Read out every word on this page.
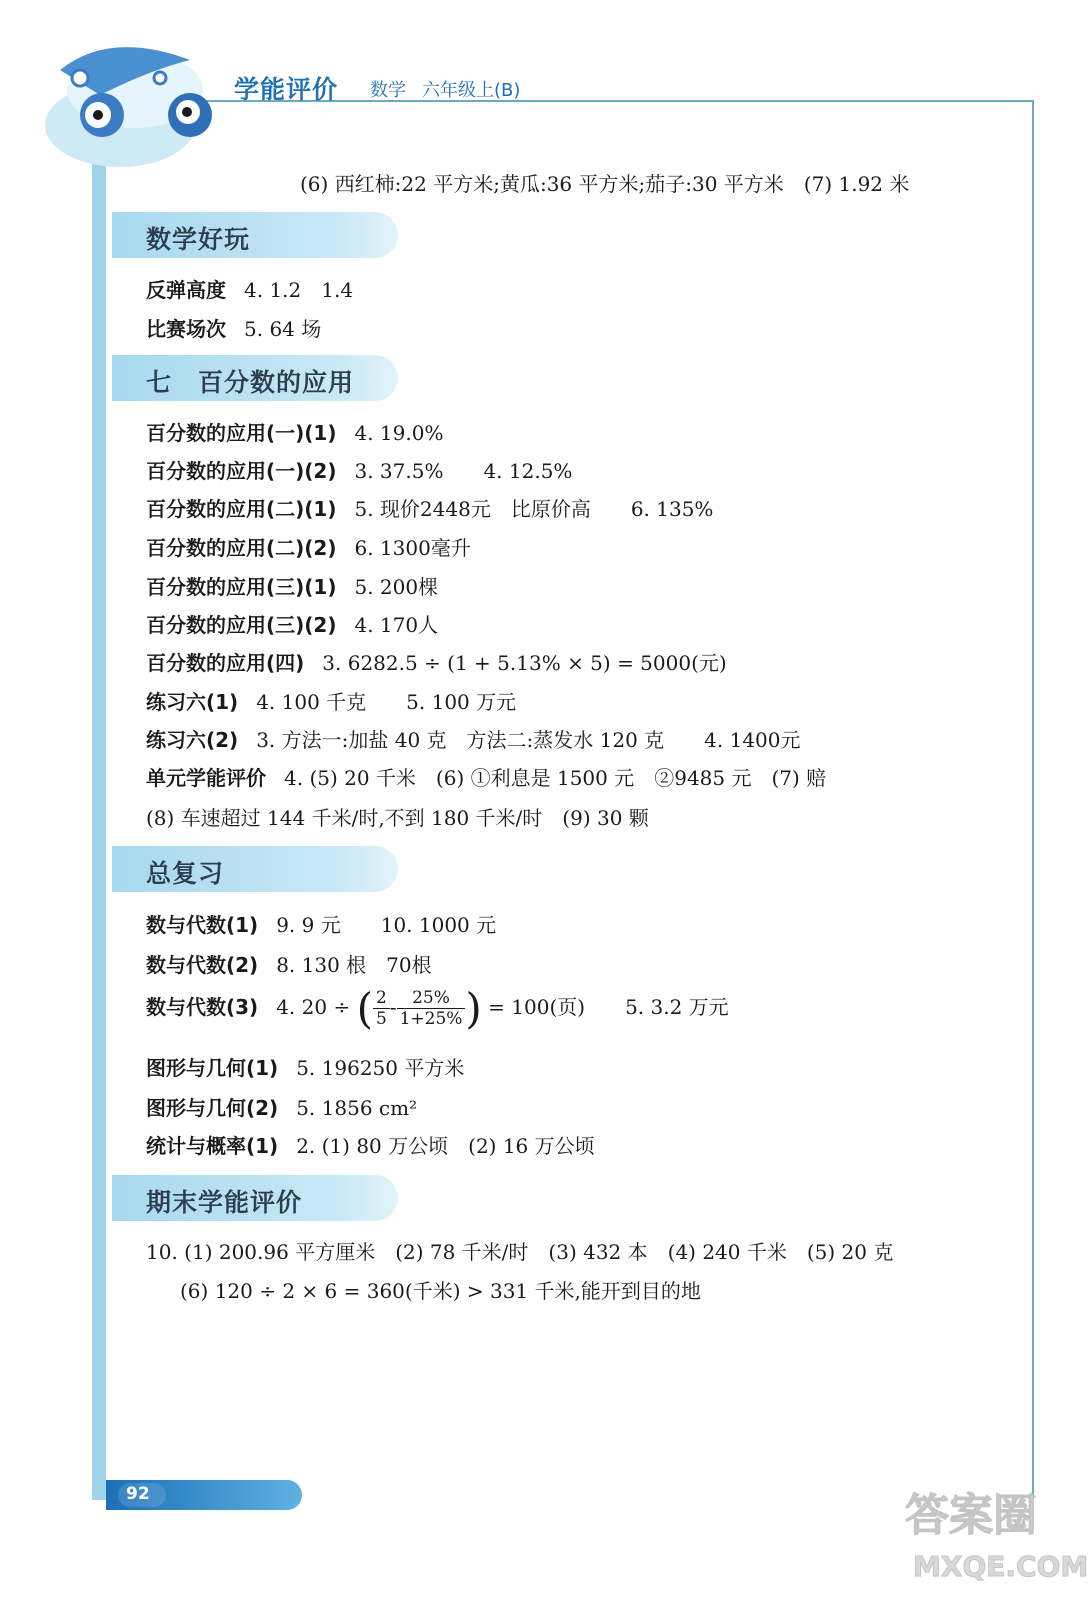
学能评价 数学 六年级上(B)
(6) 西红柿:22 平方米;黄瓜:36 平方米;茄子:30 平方米　(7) 1.92 米
数学好玩
反弹高度 4. 1.2　1.4
比赛场次 5. 64 场
七　百分数的应用
百分数的应用(一)(1) 4. 19.0%
百分数的应用(一)(2) 3. 37.5%　　4. 12.5%
百分数的应用(二)(1) 5. 现价2448元　比原价高　　6. 135%
百分数的应用(二)(2) 6. 1300毫升
百分数的应用(三)(1) 5. 200棵
百分数的应用(三)(2) 4. 170人
百分数的应用(四) 3. 6282.5 ÷ (1 + 5.13% × 5) = 5000(元)
练习六(1) 4. 100 千克　　5. 100 万元
练习六(2) 3. 方法一:加盐 40 克　方法二:蒸发水 120 克　　4. 1400元
单元学能评价 4. (5) 20 千米　(6) ①利息是 1500 元　②9485 元　(7) 赔
(8) 车速超过 144 千米/时,不到 180 千米/时　(9) 30 颗
总复习
数与代数(1) 9. 9 元　　10. 1000 元
数与代数(2) 8. 130 根　70根
数与代数(3) 4. 20 ÷ ( $\frac{2}{5} - \frac{25\%}{1+25\%}$ ) = 100(页)　　5. 3.2 万元
图形与几何(1) 5. 196250 平方米
图形与几何(2) 5. 1856 cm²
统计与概率(1) 2. (1) 80 万公顷　(2) 16 万公顷
期末学能评价
10. (1) 200.96 平方厘米　(2) 78 千米/时　(3) 432 本　(4) 240 千米　(5) 20 克
(6) 120 ÷ 2 × 6 = 360(千米) > 331 千米,能开到目的地
92	答案圈
MXQE.COM
